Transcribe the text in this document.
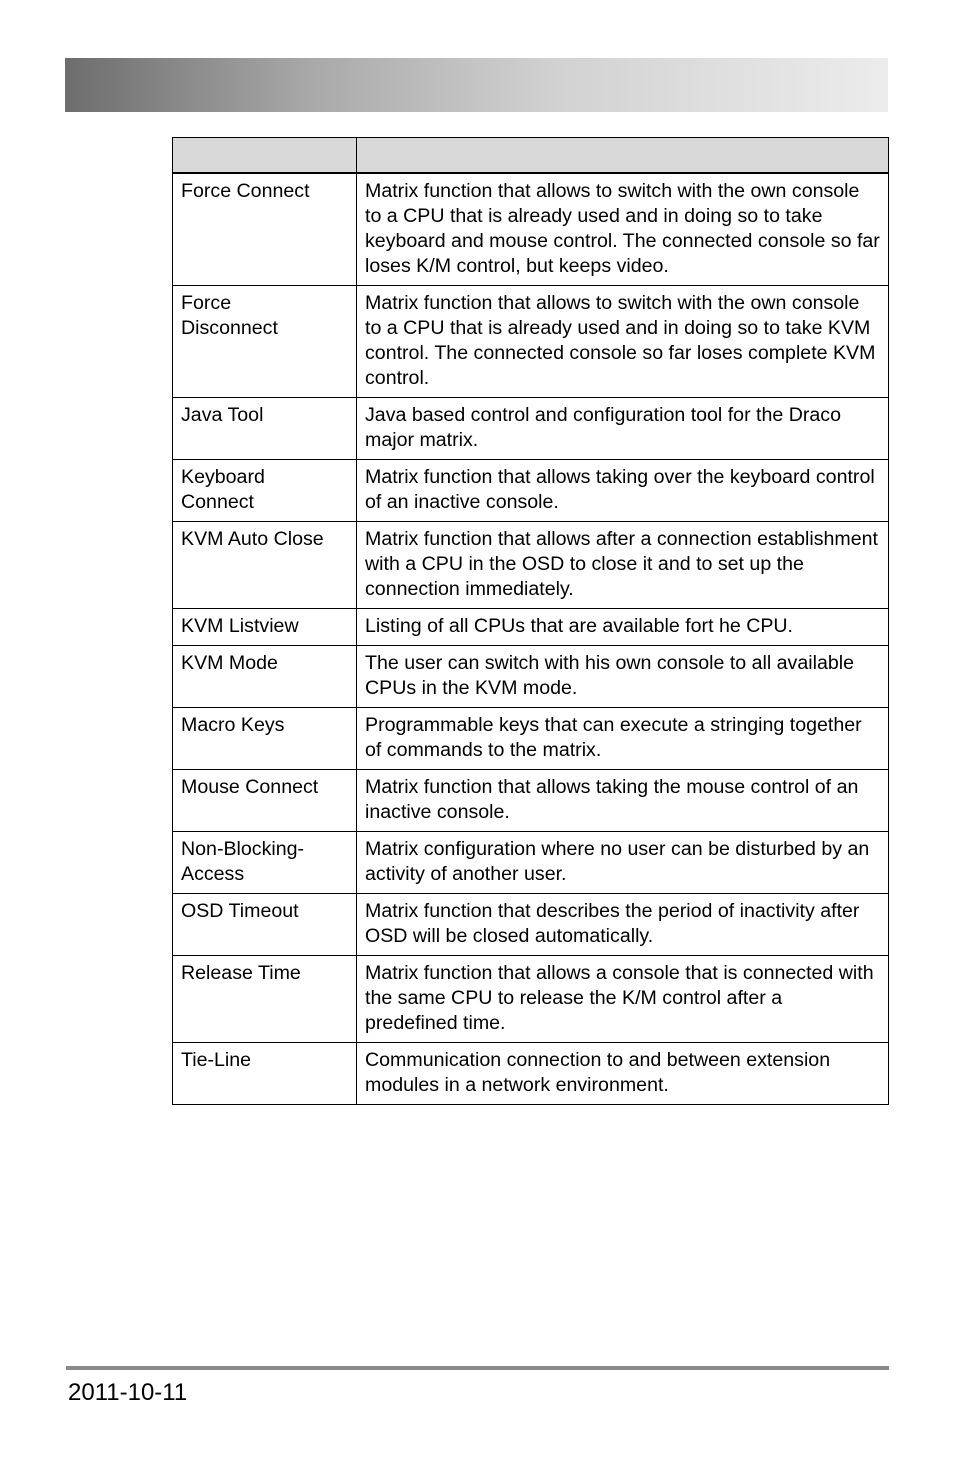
Force Connect	Matrix function that allows to switch with the own console to a CPU that is already used and in doing so to take keyboard and mouse control. The connected console so far loses K/M control, but keeps video.
Force Disconnect	Matrix function that allows to switch with the own console to a CPU that is already used and in doing so to take KVM control. The connected console so far loses complete KVM control.
Java Tool	Java based control and configuration tool for the Draco major matrix.
Keyboard Connect	Matrix function that allows taking over the keyboard control of an inactive console.
KVM Auto Close	Matrix function that allows after a connection establishment with a CPU in the OSD to close it and to set up the connection immediately.
KVM Listview	Listing of all CPUs that are available fort he CPU.
KVM Mode	The user can switch with his own console to all available CPUs in the KVM mode.
Macro Keys	Programmable keys that can execute a stringing together of commands to the matrix.
Mouse Connect	Matrix function that allows taking the mouse control of an inactive console.
Non-Blocking-Access	Matrix configuration where no user can be disturbed by an activity of another user.
OSD Timeout	Matrix function that describes the period of inactivity after OSD will be closed automatically.
Release Time	Matrix function that allows a console that is connected with the same CPU to release the K/M control after a predefined time.
Tie-Line	Communication connection to and between extension modules in a network environment.
2011-10-11
